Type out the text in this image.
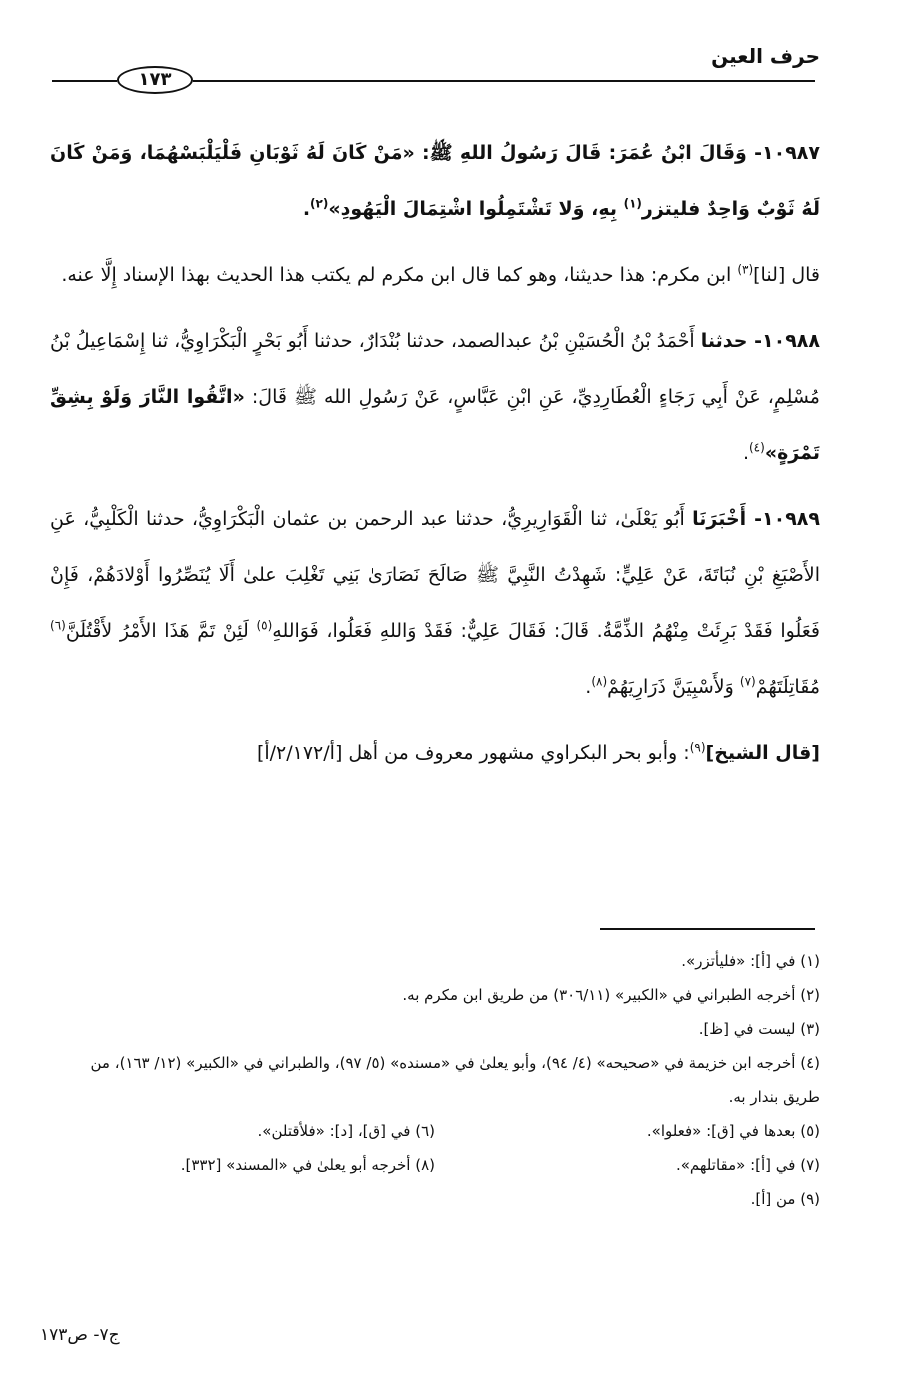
حرف العين
١٧٣

١٠٩٨٧- وَقَالَ ابْنُ عُمَرَ: قَالَ رَسُولُ اللهِ ﷺ: «مَنْ كَانَ لَهُ ثَوْبَانِ فَلْيَلْبَسْهُمَا، وَمَنْ كَانَ لَهُ ثَوْبٌ وَاحِدٌ فليتزر$^{(١)}$ بِهِ، وَلا تَشْتَمِلُوا اشْتِمَالَ الْيَهُودِ»$^{(٢)}$.

قال [لنا]$^{(٣)}$ ابن مكرم: هذا حديثنا، وهو كما قال ابن مكرم لم يكتب هذا الحديث بهذا الإسناد إِلَّا عنه.

١٠٩٨٨- حدثنا أَحْمَدُ بْنُ الْحُسَيْنِ بْنُ عبدالصمد، حدثنا بُنْدَارٌ، حدثنا أَبُو بَحْرٍ الْبَكْرَاوِيُّ، ثنا إِسْمَاعِيلُ بْنُ مُسْلِمٍ، عَنْ أَبِي رَجَاءٍ الْعُطَارِدِيِّ، عَنِ ابْنِ عَبَّاسٍ، عَنْ رَسُولِ الله ﷺ قَالَ: «اتَّقُوا النَّارَ وَلَوْ بِشِقِّ تَمْرَةٍ»$^{(٤)}$.

١٠٩٨٩- أَخْبَرَنَا أَبُو يَعْلَىٰ، ثنا الْقَوَارِيرِيُّ، حدثنا عبد الرحمن بن عثمان الْبَكْرَاوِيُّ، حدثنا الْكَلْبِيُّ، عَنِ الأَصْبَغِ بْنِ نُبَاتَةَ، عَنْ عَلِيٍّ: شَهِدْتُ النَّبِيَّ ﷺ صَالَحَ نَصَارَىٰ بَنِي تَغْلِبَ علىٰ أَلَا يُنَصِّرُوا أَوْلادَهُمْ، فَإِنْ فَعَلُوا فَقَدْ بَرِئَتْ مِنْهُمُ الذِّمَّةُ. قَالَ: فَقَالَ عَلِيٌّ: فَقَدْ وَاللهِ فَعَلُوا، فَوَاللهِ$^{(٥)}$ لَئِنْ تَمَّ هَذَا الأَمْرُ لأَقْتُلَنَّ$^{(٦)}$ مُقَاتِلَتَهُمْ$^{(٧)}$ وَلأَسْبِيَنَّ ذَرَارِيَهُمْ$^{(٨)}$.

[قال الشيخ]$^{(٩)}$: وأبو بحر البكراوي مشهور معروف من أهل [أ/٢/١٧٢/أ]

(١) في [أ]: «فليأتزر».

(٢) أخرجه الطبراني في «الكبير» (٣٠٦/١١) من طريق ابن مكرم به.

(٣) ليست في [ظ].

(٤) أخرجه ابن خزيمة في «صحيحه» (٤/ ٩٤)، وأبو يعلىٰ في «مسنده» (٥/ ٩٧)، والطبراني في «الكبير» (١٢/ ١٦٣)، من طريق بندار به.

(٥) بعدها في [ق]: «فعلوا».

(٦) في [ق]، [د]: «فلأقتلن».

(٧) في [أ]: «مقاتلهم».

(٨) أخرجه أبو يعلىٰ في «المسند» [٣٣٢].

(٩) من [أ].

ج٧- ص١٧٣
